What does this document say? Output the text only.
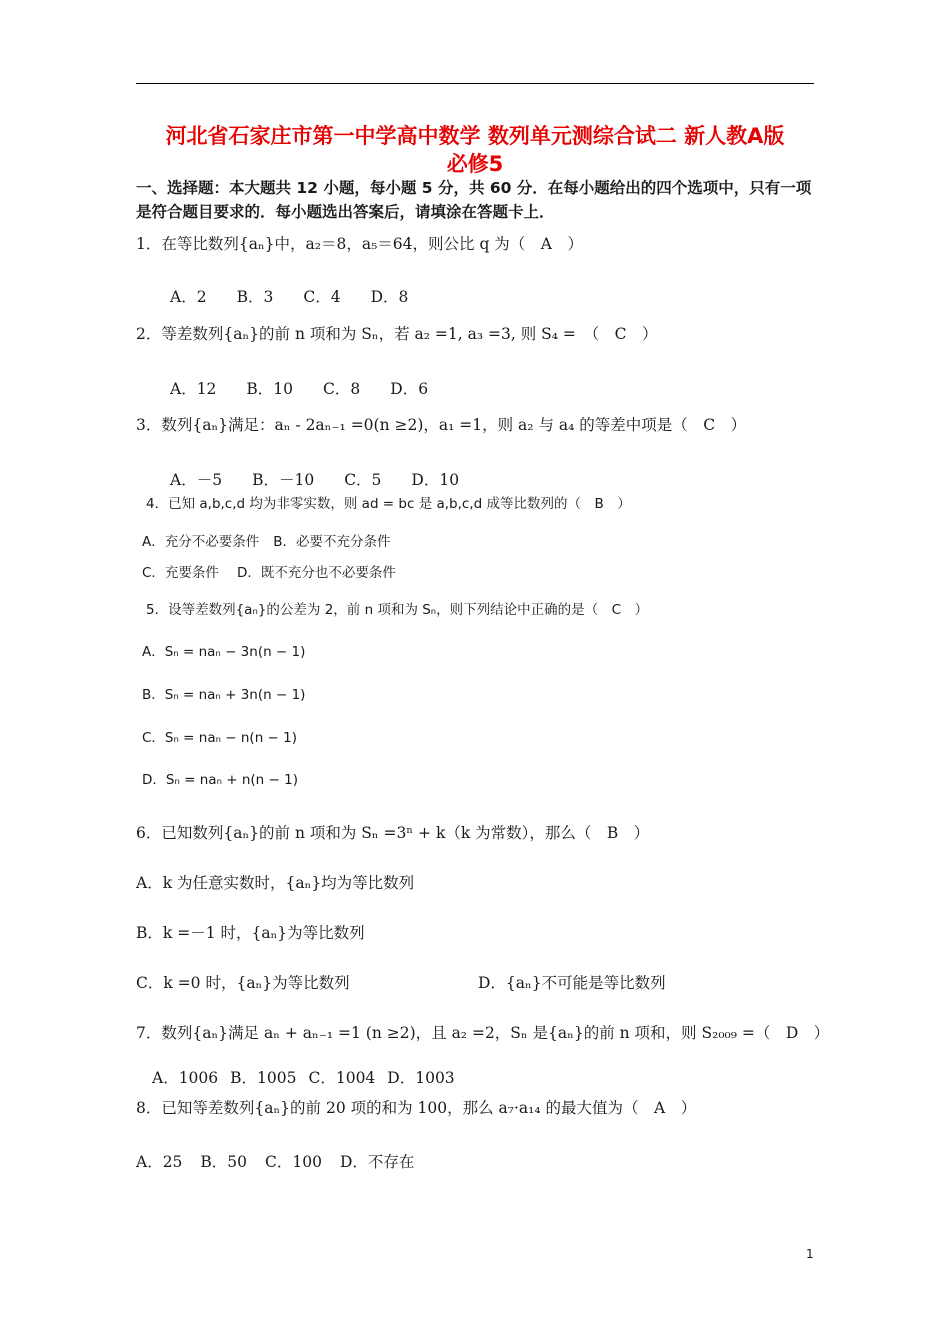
河北省石家庄市第一中学高中数学 数列单元测综合试二 新人教A版

必修5

一、选择题：本大题共 12 小题，每小题 5 分，共 60 分．在每小题给出的四个选项中，只有一项是符合题目要求的．每小题选出答案后，请填涂在答题卡上．

1．在等比数列{aₙ}中，a₂＝8，a₅＝64，则公比 q 为（　A　）

A．2 B．3 C．4 D．8

2．等差数列{aₙ}的前 n 项和为 Sₙ，若 a₂ =1, a₃ =3, 则 S₄ =　（　C　）

A．12 B．10 C．8 D．6

3．数列{aₙ}满足：aₙ - 2aₙ₋₁ =0(n ≥2)，a₁ =1，则 a₂ 与 a₄ 的等差中项是（　C　）

A．－5 B．－10 C．5 D．10

4．已知 a,b,c,d 均为非零实数，则 ad = bc 是 a,b,c,d 成等比数列的（　B　）

A．充分不必要条件 B．必要不充分条件

C．充要条件 D．既不充分也不必要条件

5．设等差数列{aₙ}的公差为 2，前 n 项和为 Sₙ，则下列结论中正确的是（　C　）

A．Sₙ = naₙ − 3n(n − 1)

B．Sₙ = naₙ + 3n(n − 1)

C．Sₙ = naₙ − n(n − 1)

D．Sₙ = naₙ + n(n − 1)

6．已知数列{aₙ}的前 n 项和为 Sₙ =3ⁿ + k（k 为常数），那么（　B　）

A．k 为任意实数时，{aₙ}均为等比数列

B．k =－1 时，{aₙ}为等比数列

C．k =0 时，{aₙ}为等比数列	D．{aₙ}不可能是等比数列

7．数列{aₙ}满足 aₙ + aₙ₋₁ =1 (n ≥2)，且 a₂ =2，Sₙ 是{aₙ}的前 n 项和，则 S₂₀₀₉ =（　D　）

A．1006 B．1005 C．1004 D．1003

8．已知等差数列{aₙ}的前 20 项的和为 100，那么 a₇·a₁₄ 的最大值为（　A　）

A．25 B．50 C．100 D．不存在

1
